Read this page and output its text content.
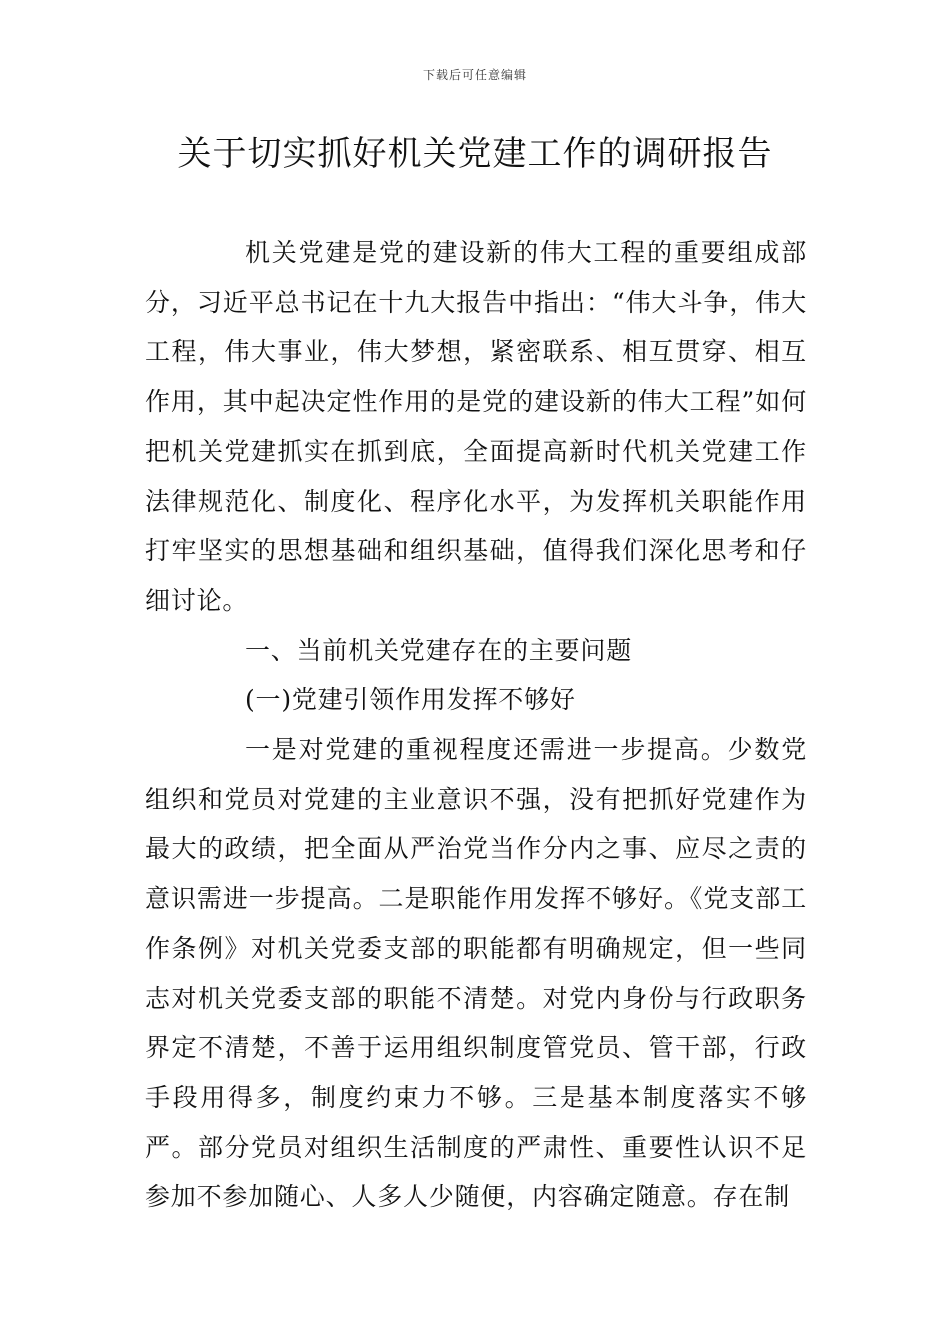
下载后可任意编辑
关于切实抓好机关党建工作的调研报告

机关党建是党的建设新的伟大工程的重要组成部分，习近平总书记在十九大报告中指出：“伟大斗争，伟大工程，伟大事业，伟大梦想，紧密联系、相互贯穿、相互作用，其中起决定性作用的是党的建设新的伟大工程”如何把机关党建抓实在抓到底，全面提高新时代机关党建工作法律规范化、制度化、程序化水平，为发挥机关职能作用打牢坚实的思想基础和组织基础，值得我们深化思考和仔细讨论。

一、当前机关党建存在的主要问题

(一)党建引领作用发挥不够好

一是对党建的重视程度还需进一步提高。少数党组织和党员对党建的主业意识不强，没有把抓好党建作为最大的政绩，把全面从严治党当作分内之事、应尽之责的意识需进一步提高。二是职能作用发挥不够好。《党支部工作条例》对机关党委支部的职能都有明确规定，但一些同志对机关党委支部的职能不清楚。对党内身份与行政职务界定不清楚，不善于运用组织制度管党员、管干部，行政手段用得多，制度约束力不够。三是基本制度落实不够严。部分党员对组织生活制度的严肃性、重要性认识不足参加不参加随心、人多人少随便，内容确定随意。存在制
